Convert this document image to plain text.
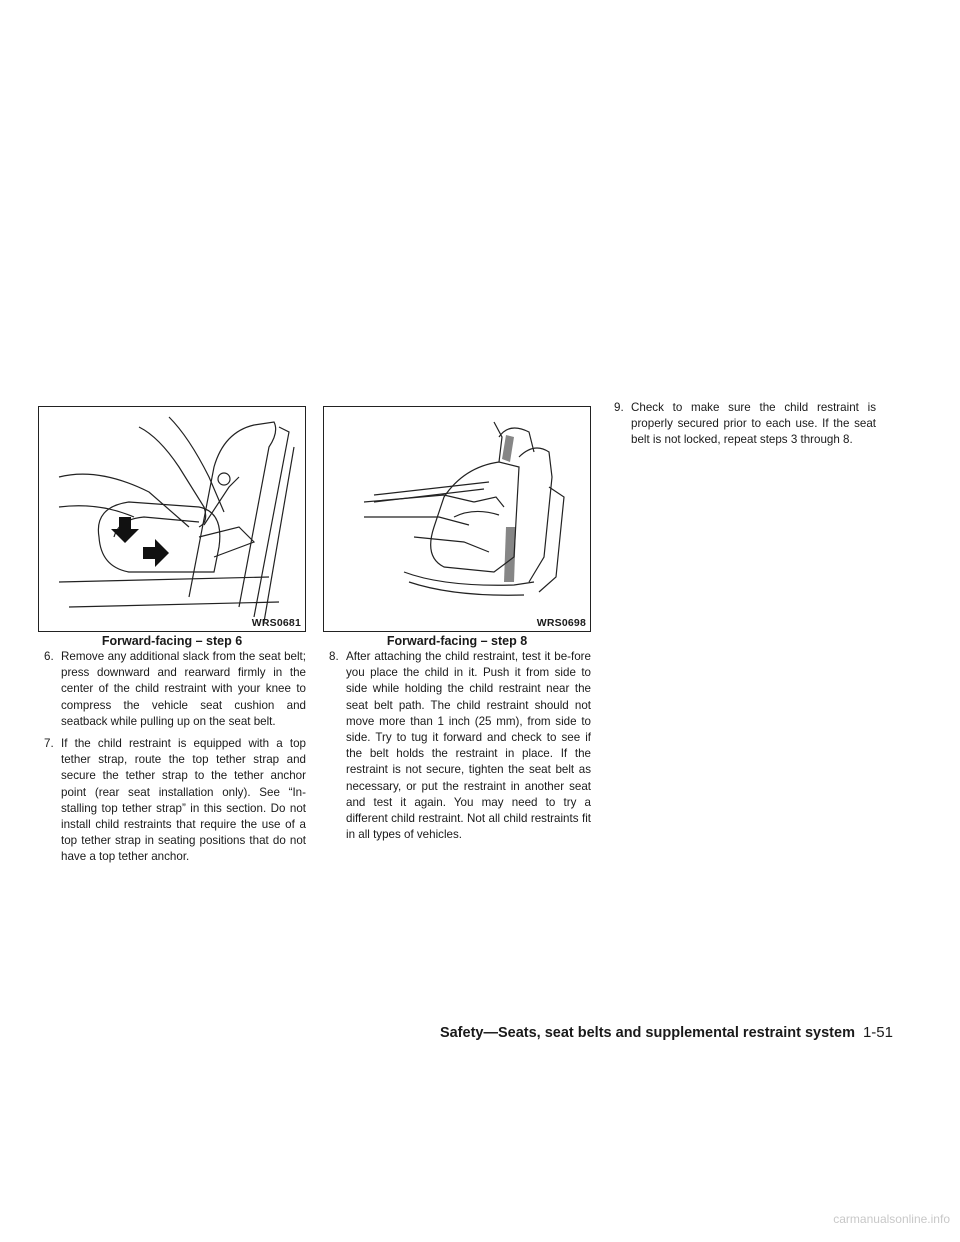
WRS0681
Forward-facing – step 6
6. Remove any additional slack from the seat belt; press downward and rearward firmly in the center of the child restraint with your knee to compress the vehicle seat cushion and seatback while pulling up on the seat belt.
7. If the child restraint is equipped with a top tether strap, route the top tether strap and secure the tether strap to the tether anchor point (rear seat installation only). See “In-stalling top tether strap” in this section. Do not install child restraints that require the use of a top tether strap in seating positions that do not have a top tether anchor.
WRS0698
Forward-facing – step 8
8. After attaching the child restraint, test it be-fore you place the child in it. Push it from side to side while holding the child restraint near the seat belt path. The child restraint should not move more than 1 inch (25 mm), from side to side. Try to tug it forward and check to see if the belt holds the restraint in place. If the restraint is not secure, tighten the seat belt as necessary, or put the restraint in another seat and test it again. You may need to try a different child restraint. Not all child restraints fit in all types of vehicles.
9. Check to make sure the child restraint is properly secured prior to each use. If the seat belt is not locked, repeat steps 3 through 8.
Safety—Seats, seat belts and supplemental restraint system 1-51
carmanualsonline.info
